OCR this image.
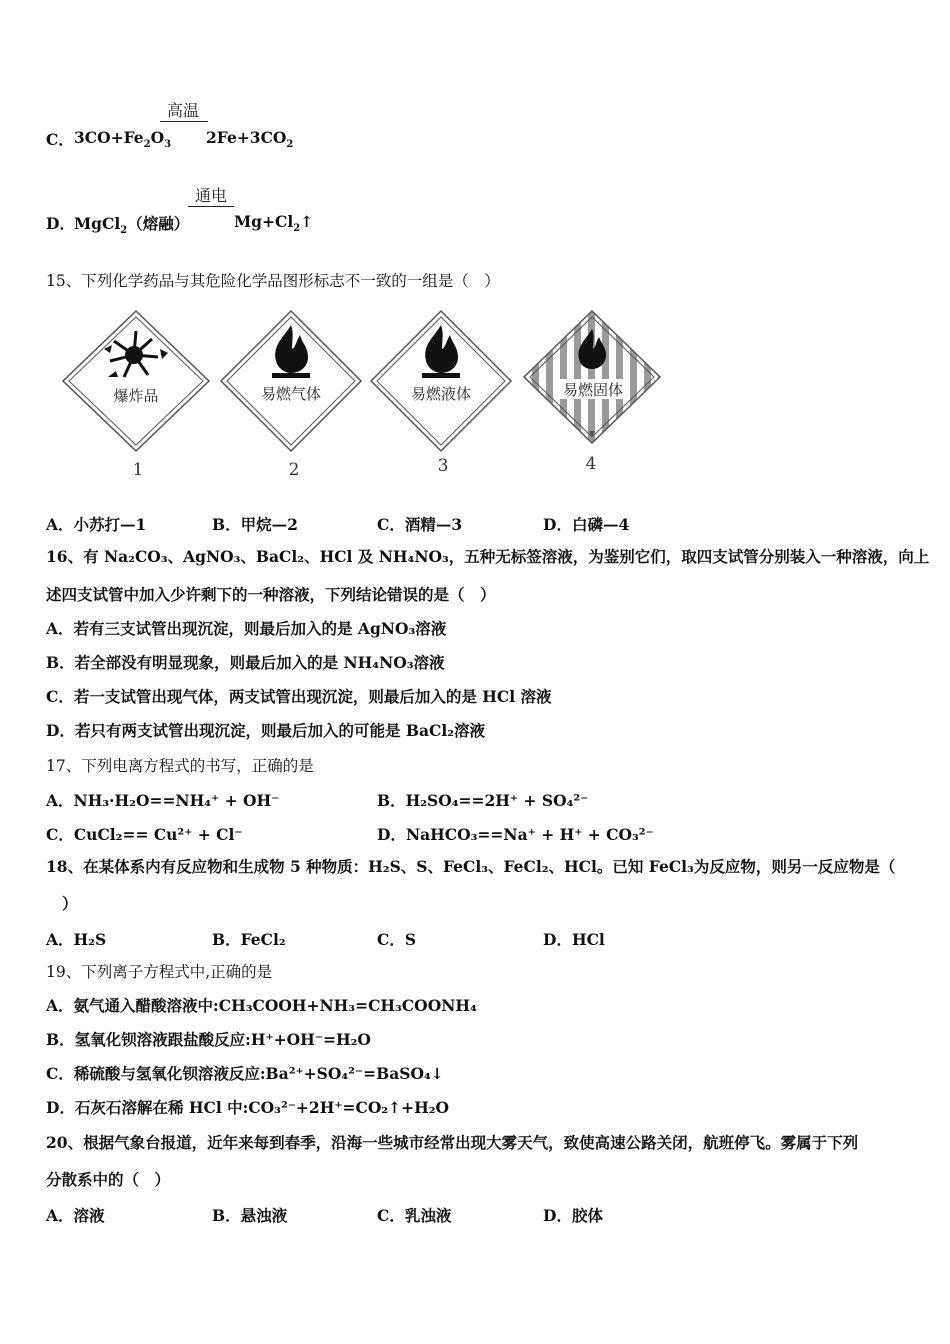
C． $3CO+Fe_2O_3$
高温
$2Fe+3CO_2$
D． MgCl$_2$（熔融）
通电
$Mg+Cl_2↑$
15、下列化学药品与其危险化学品图形标志不一致的一组是（　）
爆炸品	易燃气体	易燃液体	易燃固体
1	2	3	4
A．小苏打—1	B．甲烷—2	C．酒精—3	D．白磷—4
16、有 Na₂CO₃、AgNO₃、BaCl₂、HCl 及 NH₄NO₃，五种无标签溶液，为鉴别它们，取四支试管分别装入一种溶液，向上
述四支试管中加入少许剩下的一种溶液，下列结论错误的是（　）
A．若有三支试管出现沉淀，则最后加入的是 AgNO₃溶液
B．若全部没有明显现象，则最后加入的是 NH₄NO₃溶液
C．若一支试管出现气体，两支试管出现沉淀，则最后加入的是 HCl 溶液
D．若只有两支试管出现沉淀，则最后加入的可能是 BaCl₂溶液
17、下列电离方程式的书写，正确的是
A．NH₃·H₂O==NH₄⁺ + OH⁻	B．H₂SO₄==2H⁺ + SO₄²⁻
C．CuCl₂== Cu²⁺ + Cl⁻	D．NaHCO₃==Na⁺ + H⁺ + CO₃²⁻
18、在某体系内有反应物和生成物 5 种物质：H₂S、S、FeCl₃、FeCl₂、HCl。已知 FeCl₃为反应物，则另一反应物是（
）
A．H₂S	B．FeCl₂	C．S	D．HCl
19、下列离子方程式中,正确的是
A．氨气通入醋酸溶液中:CH₃COOH+NH₃=CH₃COONH₄
B．氢氧化钡溶液跟盐酸反应:H⁺+OH⁻=H₂O
C．稀硫酸与氢氧化钡溶液反应:Ba²⁺+SO₄²⁻=BaSO₄↓
D．石灰石溶解在稀 HCl 中:CO₃²⁻+2H⁺=CO₂↑+H₂O
20、根据气象台报道，近年来每到春季，沿海一些城市经常出现大雾天气，致使高速公路关闭，航班停飞。雾属于下列
分散系中的（　）
A．溶液	B．悬浊液	C．乳浊液	D．胶体
